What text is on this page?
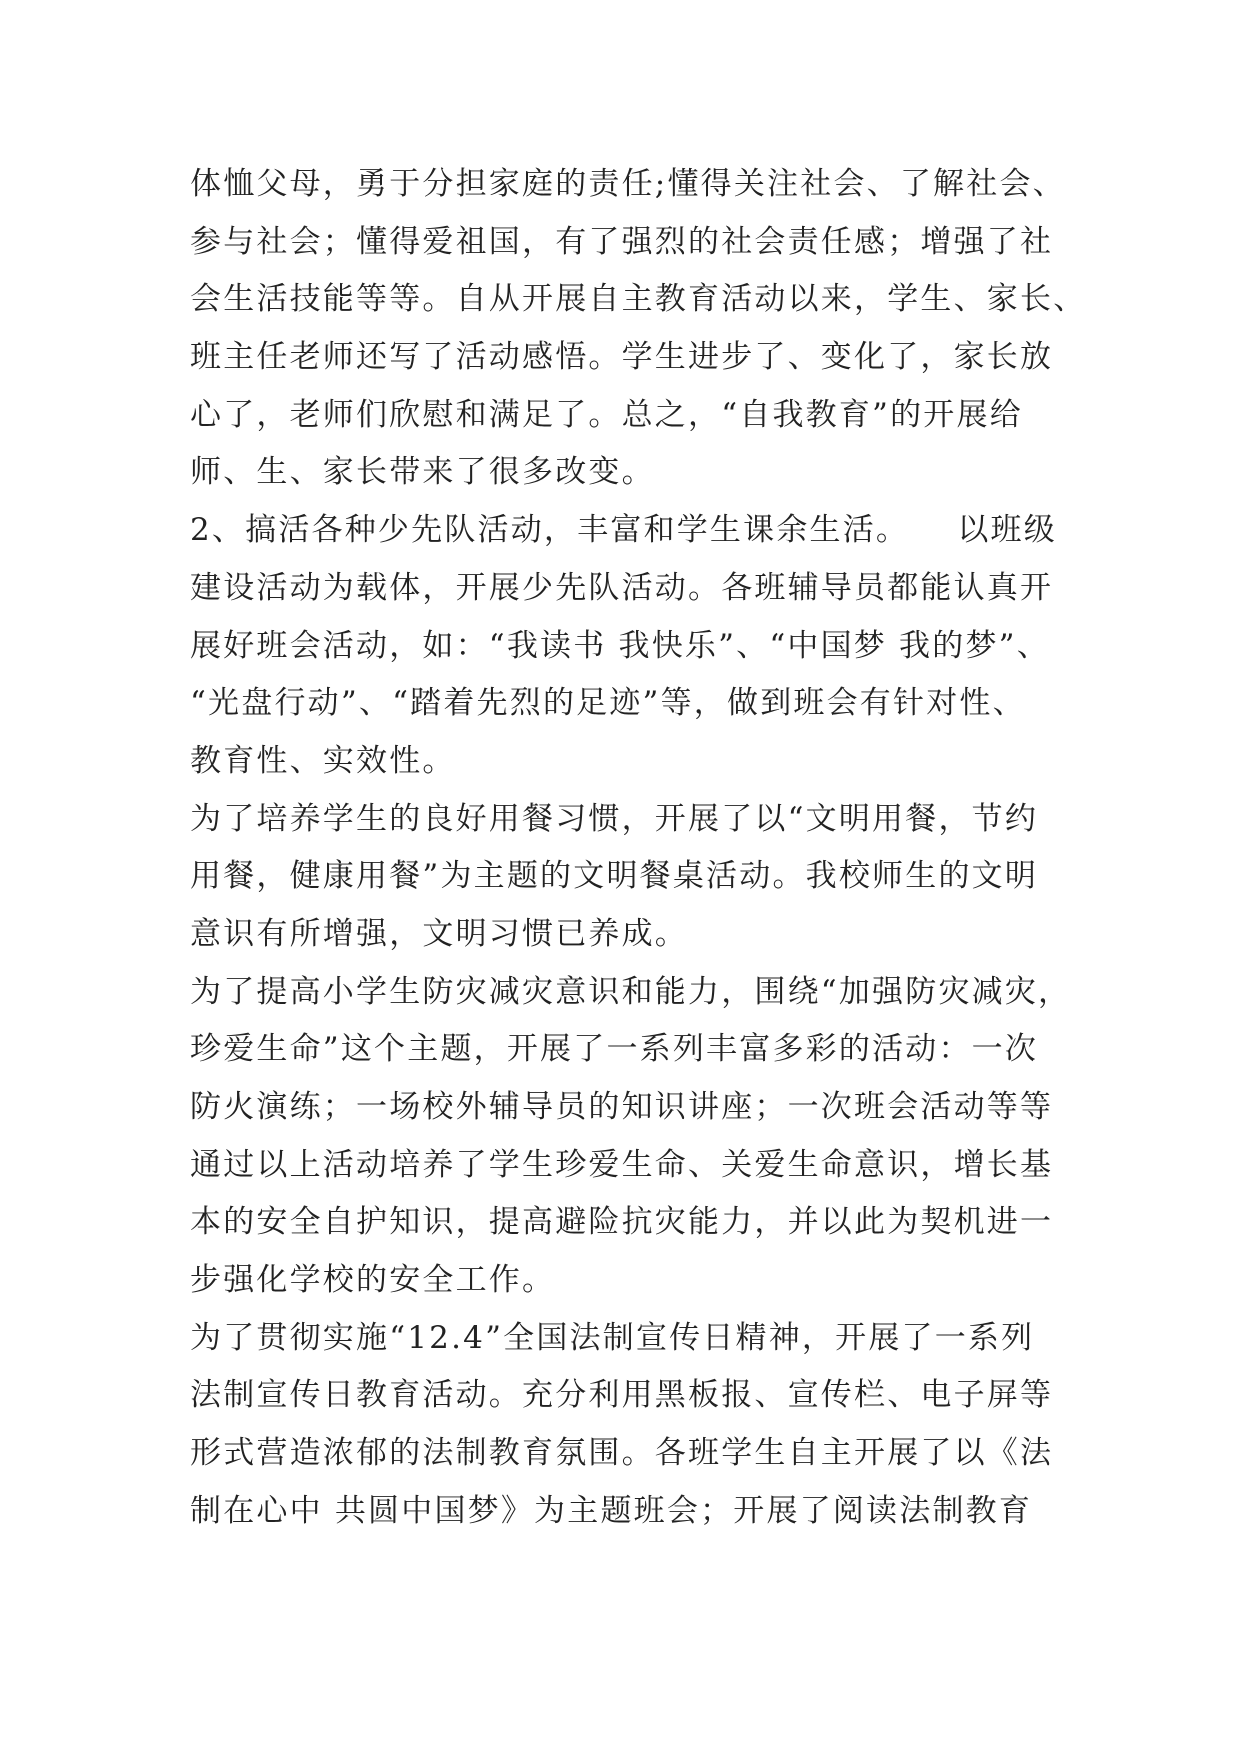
体恤父母，勇于分担家庭的责任;懂得关注社会、了解社会、
参与社会；懂得爱祖国，有了强烈的社会责任感；增强了社
会生活技能等等。自从开展自主教育活动以来，学生、家长、
班主任老师还写了活动感悟。学生进步了、变化了，家长放
心了，老师们欣慰和满足了。总之，“自我教育”的开展给
师、生、家长带来了很多改变。
2、搞活各种少先队活动，丰富和学生课余生活。    以班级
建设活动为载体，开展少先队活动。各班辅导员都能认真开
展好班会活动，如：“我读书 我快乐”、“中国梦 我的梦”、
“光盘行动”、“踏着先烈的足迹”等，做到班会有针对性、
教育性、实效性。
为了培养学生的良好用餐习惯，开展了以“文明用餐，节约
用餐，健康用餐”为主题的文明餐桌活动。我校师生的文明
意识有所增强，文明习惯已养成。
为了提高小学生防灾减灾意识和能力，围绕“加强防灾减灾，
珍爱生命”这个主题，开展了一系列丰富多彩的活动：一次
防火演练；一场校外辅导员的知识讲座；一次班会活动等等
通过以上活动培养了学生珍爱生命、关爱生命意识，增长基
本的安全自护知识，提高避险抗灾能力，并以此为契机进一
步强化学校的安全工作。
为了贯彻实施“12.4”全国法制宣传日精神，开展了一系列
法制宣传日教育活动。充分利用黑板报、宣传栏、电子屏等
形式营造浓郁的法制教育氛围。各班学生自主开展了以《法
制在心中 共圆中国梦》为主题班会；开展了阅读法制教育
